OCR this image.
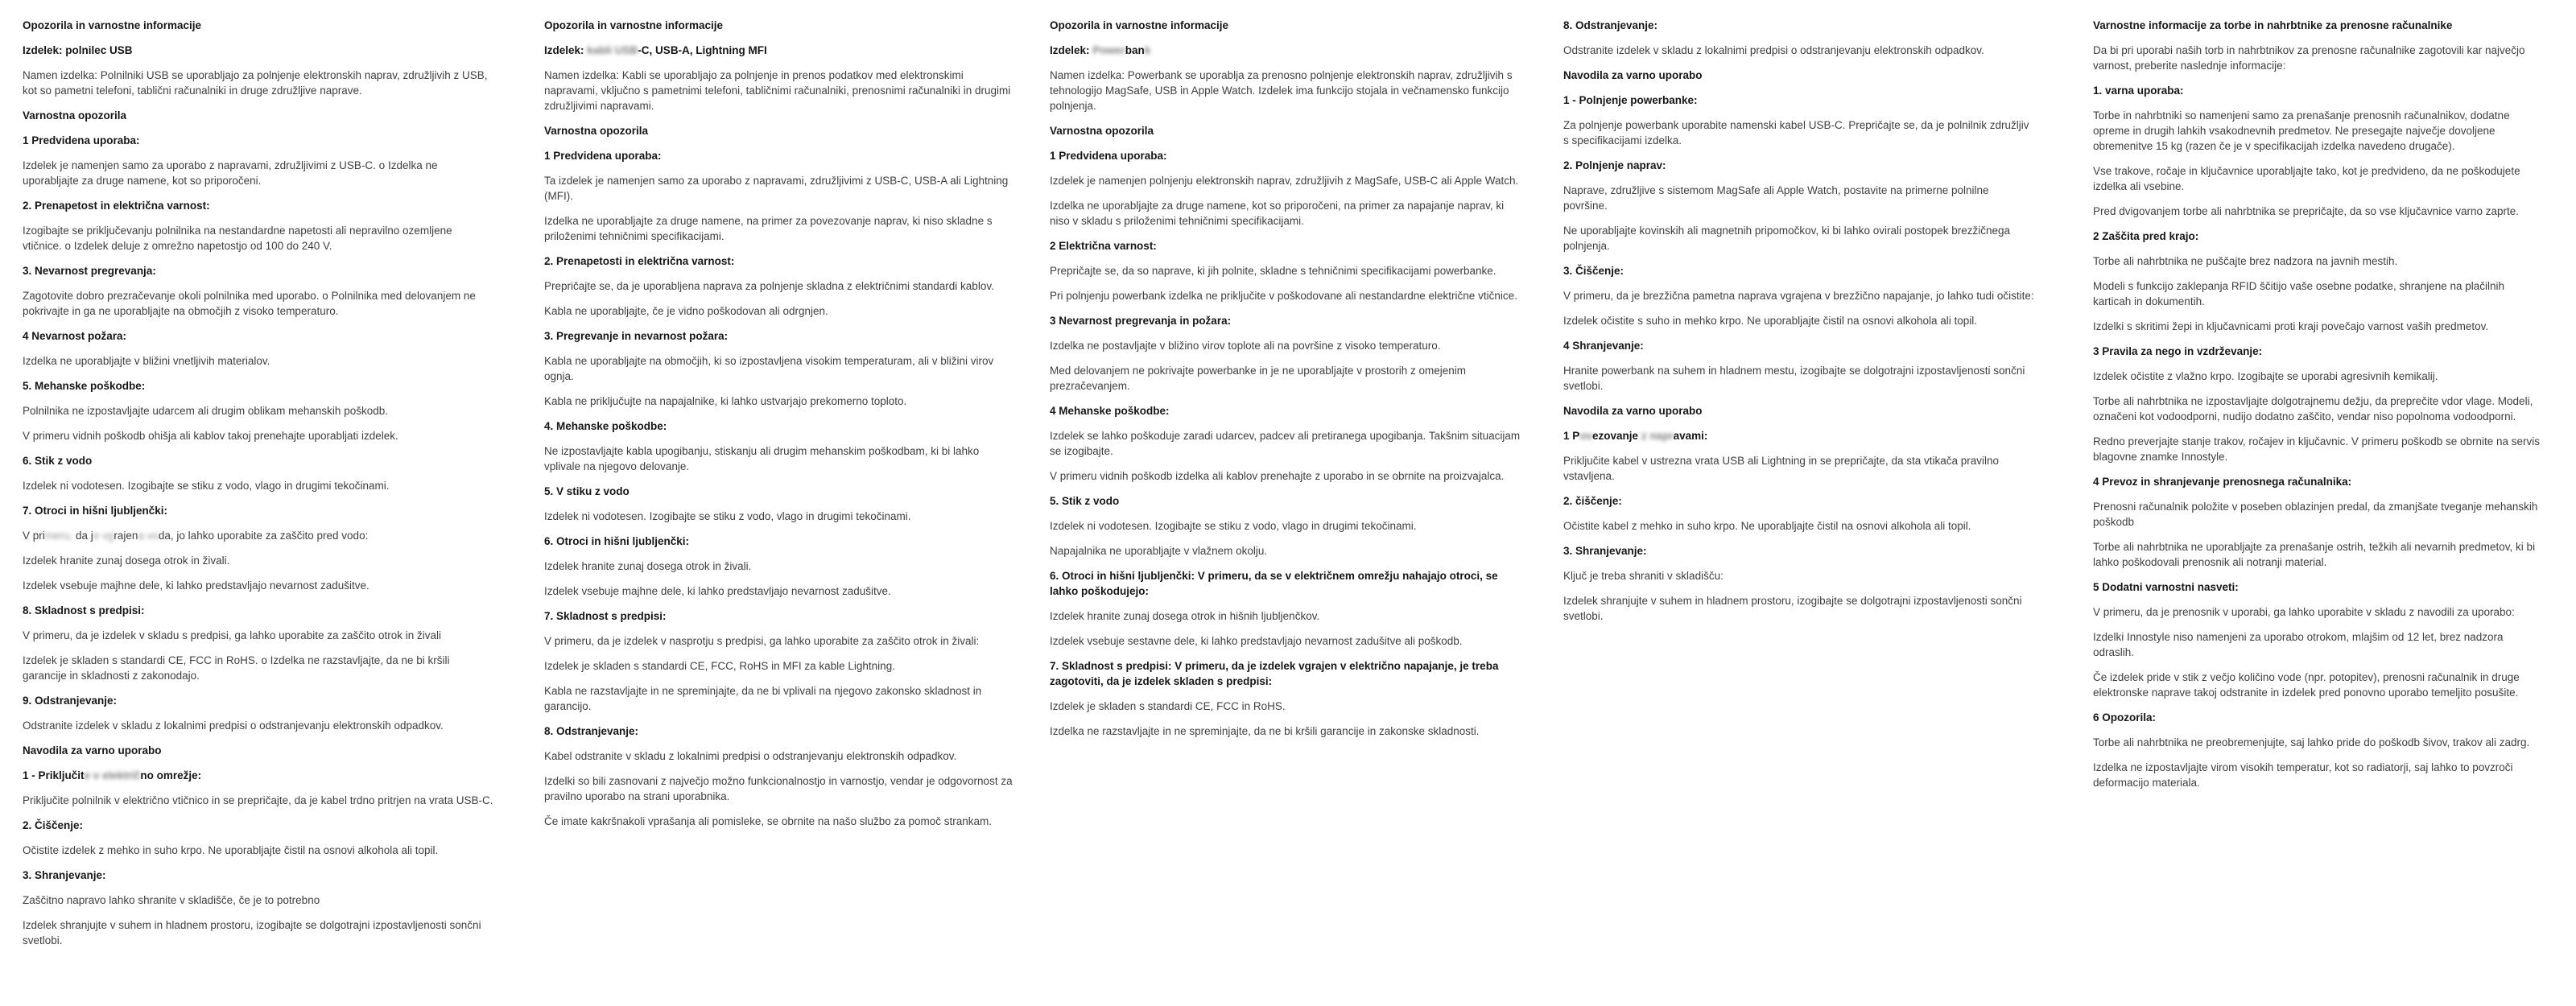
Opozorila in varnostne informacije
Izdelek: polnilec USB
Namen izdelka: Polnilniki USB se uporabljajo za polnjenje elektronskih naprav, združljivih z USB, kot so pametni telefoni, tablični računalniki in druge združljive naprave.
Varnostna opozorila
1 Predvidena uporaba:
Izdelek je namenjen samo za uporabo z napravami, združljivimi z USB-C. o Izdelka ne uporabljajte za druge namene, kot so priporočeni.
2. Prenapetost in električna varnost:
Izogibajte se priključevanju polnilnika na nestandardne napetosti ali nepravilno ozemljene vtičnice. o Izdelek deluje z omrežno napetostjo od 100 do 240 V.
3. Nevarnost pregrevanja:
Zagotovite dobro prezračevanje okoli polnilnika med uporabo. o Polnilnika med delovanjem ne pokrivajte in ga ne uporabljajte na območjih z visoko temperaturo.
4 Nevarnost požara:
Izdelka ne uporabljajte v bližini vnetljivih materialov.
5. Mehanske poškodbe:
Polnilnika ne izpostavljajte udarcem ali drugim oblikam mehanskih poškodb.
V primeru vidnih poškodb ohišja ali kablov takoj prenehajte uporabljati izdelek.
6. Stik z vodo
Izdelek ni vodotesen. Izogibajte se stiku z vodo, vlago in drugimi tekočinami.
7. Otroci in hišni ljubljenčki:
V primeru, da je vgrajena voda, jo lahko uporabite za zaščito pred vodo:
Izdelek hranite zunaj dosega otrok in živali.
Izdelek vsebuje majhne dele, ki lahko predstavljajo nevarnost zadušitve.
8. Skladnost s predpisi:
V primeru, da je izdelek v skladu s predpisi, ga lahko uporabite za zaščito otrok in živali
Izdelek je skladen s standardi CE, FCC in RoHS. o Izdelka ne razstavljajte, da ne bi kršili garancije in skladnosti z zakonodajo.
9. Odstranjevanje:
Odstranite izdelek v skladu z lokalnimi predpisi o odstranjevanju elektronskih odpadkov.
Navodila za varno uporabo
1 - Priključite v električno omrežje:
Priključite polnilnik v električno vtičnico in se prepričajte, da je kabel trdno pritrjen na vrata USB-C.
2. Čiščenje:
Očistite izdelek z mehko in suho krpo. Ne uporabljajte čistil na osnovi alkohola ali topil.
3. Shranjevanje:
Zaščitno napravo lahko shranite v skladišče, če je to potrebno
Izdelek shranjujte v suhem in hladnem prostoru, izogibajte se dolgotrajni izpostavljenosti sončni svetlobi.
Opozorila in varnostne informacije
Izdelek: kabli USB-C, USB-A, Lightning MFI
Namen izdelka: Kabli se uporabljajo za polnjenje in prenos podatkov med elektronskimi napravami, vključno s pametnimi telefoni, tabličnimi računalniki, prenosnimi računalniki in drugimi združljivimi napravami.
Varnostna opozorila
1 Predvidena uporaba:
Ta izdelek je namenjen samo za uporabo z napravami, združljivimi z USB-C, USB-A ali Lightning (MFI).
Izdelka ne uporabljajte za druge namene, na primer za povezovanje naprav, ki niso skladne s priloženimi tehničnimi specifikacijami.
2. Prenapetosti in električna varnost:
Prepričajte se, da je uporabljena naprava za polnjenje skladna z električnimi standardi kablov.
Kabla ne uporabljajte, če je vidno poškodovan ali odrgnjen.
3. Pregrevanje in nevarnost požara:
Kabla ne uporabljajte na območjih, ki so izpostavljena visokim temperaturam, ali v bližini virov ognja.
Kabla ne priključujte na napajalnike, ki lahko ustvarjajo prekomerno toploto.
4. Mehanske poškodbe:
Ne izpostavljajte kabla upogibanju, stiskanju ali drugim mehanskim poškodbam, ki bi lahko vplivale na njegovo delovanje.
5. V stiku z vodo
Izdelek ni vodotesen. Izogibajte se stiku z vodo, vlago in drugimi tekočinami.
6. Otroci in hišni ljubljenčki:
Izdelek hranite zunaj dosega otrok in živali.
Izdelek vsebuje majhne dele, ki lahko predstavljajo nevarnost zadušitve.
7. Skladnost s predpisi:
V primeru, da je izdelek v nasprotju s predpisi, ga lahko uporabite za zaščito otrok in živali:
Izdelek je skladen s standardi CE, FCC, RoHS in MFI za kable Lightning.
Kabla ne razstavljajte in ne spreminjajte, da ne bi vplivali na njegovo zakonsko skladnost in garancijo.
8. Odstranjevanje:
Kabel odstranite v skladu z lokalnimi predpisi o odstranjevanju elektronskih odpadkov.
Izdelki so bili zasnovani z največjo možno funkcionalnostjo in varnostjo, vendar je odgovornost za pravilno uporabo na strani uporabnika.
Če imate kakršnakoli vprašanja ali pomisleke, se obrnite na našo službo za pomoč strankam.
Opozorila in varnostne informacije
Izdelek: Powerbank
Namen izdelka: Powerbank se uporablja za prenosno polnjenje elektronskih naprav, združljivih s tehnologijo MagSafe, USB in Apple Watch. Izdelek ima funkcijo stojala in večnamensko funkcijo polnjenja.
Varnostna opozorila
1 Predvidena uporaba:
Izdelek je namenjen polnjenju elektronskih naprav, združljivih z MagSafe, USB-C ali Apple Watch.
Izdelka ne uporabljajte za druge namene, kot so priporočeni, na primer za napajanje naprav, ki niso v skladu s priloženimi tehničnimi specifikacijami.
2 Električna varnost:
Prepričajte se, da so naprave, ki jih polnite, skladne s tehničnimi specifikacijami powerbanke.
Pri polnjenju powerbank izdelka ne priključite v poškodovane ali nestandardne električne vtičnice.
3 Nevarnost pregrevanja in požara:
Izdelka ne postavljajte v bližino virov toplote ali na površine z visoko temperaturo.
Med delovanjem ne pokrivajte powerbanke in je ne uporabljajte v prostorih z omejenim prezračevanjem.
4 Mehanske poškodbe:
Izdelek se lahko poškoduje zaradi udarcev, padcev ali pretiranega upogibanja. Takšnim situacijam se izogibajte.
V primeru vidnih poškodb izdelka ali kablov prenehajte z uporabo in se obrnite na proizvajalca.
5. Stik z vodo
Izdelek ni vodotesen. Izogibajte se stiku z vodo, vlago in drugimi tekočinami.
Napajalnika ne uporabljajte v vlažnem okolju.
6. Otroci in hišni ljubljenčki: V primeru, da se v električnem omrežju nahajajo otroci, se lahko poškodujejo:
Izdelek hranite zunaj dosega otrok in hišnih ljubljenčkov.
Izdelek vsebuje sestavne dele, ki lahko predstavljajo nevarnost zadušitve ali poškodb.
7. Skladnost s predpisi: V primeru, da je izdelek vgrajen v električno napajanje, je treba zagotoviti, da je izdelek skladen s predpisi:
Izdelek je skladen s standardi CE, FCC in RoHS.
Izdelka ne razstavljajte in ne spreminjajte, da ne bi kršili garancije in zakonske skladnosti.
8. Odstranjevanje:
Odstranite izdelek v skladu z lokalnimi predpisi o odstranjevanju elektronskih odpadkov.
Navodila za varno uporabo
1 - Polnjenje powerbanke:
Za polnjenje powerbank uporabite namenski kabel USB-C. Prepričajte se, da je polnilnik združljiv s specifikacijami izdelka.
2. Polnjenje naprav:
Naprave, združljive s sistemom MagSafe ali Apple Watch, postavite na primerne polnilne površine.
Ne uporabljajte kovinskih ali magnetnih pripomočkov, ki bi lahko ovirali postopek brezžičnega polnjenja.
3. Čiščenje:
V primeru, da je brezžična pametna naprava vgrajena v brezžično napajanje, jo lahko tudi očistite:
Izdelek očistite s suho in mehko krpo. Ne uporabljajte čistil na osnovi alkohola ali topil.
4 Shranjevanje:
Hranite powerbank na suhem in hladnem mestu, izogibajte se dolgotrajni izpostavljenosti sončni svetlobi.
Navodila za varno uporabo
1 Povezovanje z napravami:
Priključite kabel v ustrezna vrata USB ali Lightning in se prepričajte, da sta vtikača pravilno vstavljena.
2. čiščenje:
Očistite kabel z mehko in suho krpo. Ne uporabljajte čistil na osnovi alkohola ali topil.
3. Shranjevanje:
Ključ je treba shraniti v skladišču:
Izdelek shranjujte v suhem in hladnem prostoru, izogibajte se dolgotrajni izpostavljenosti sončni svetlobi.
Varnostne informacije za torbe in nahrbtnike za prenosne računalnike
Da bi pri uporabi naših torb in nahrbtnikov za prenosne računalnike zagotovili kar največjo varnost, preberite naslednje informacije:
1. varna uporaba:
Torbe in nahrbtniki so namenjeni samo za prenašanje prenosnih računalnikov, dodatne opreme in drugih lahkih vsakodnevnih predmetov. Ne presegajte največje dovoljene obremenitve 15 kg (razen če je v specifikacijah izdelka navedeno drugače).
Vse trakove, ročaje in ključavnice uporabljajte tako, kot je predvideno, da ne poškodujete izdelka ali vsebine.
Pred dvigovanjem torbe ali nahrbtnika se prepričajte, da so vse ključavnice varno zaprte.
2 Zaščita pred krajo:
Torbe ali nahrbtnika ne puščajte brez nadzora na javnih mestih.
Modeli s funkcijo zaklepanja RFID ščitijo vaše osebne podatke, shranjene na plačilnih karticah in dokumentih.
Izdelki s skritimi žepi in ključavnicami proti kraji povečajo varnost vaših predmetov.
3 Pravila za nego in vzdrževanje:
Izdelek očistite z vlažno krpo. Izogibajte se uporabi agresivnih kemikalij.
Torbe ali nahrbtnika ne izpostavljajte dolgotrajnemu dežju, da preprečite vdor vlage. Modeli, označeni kot vodoodporni, nudijo dodatno zaščito, vendar niso popolnoma vodoodporni.
Redno preverjajte stanje trakov, ročajev in ključavnic. V primeru poškodb se obrnite na servis blagovne znamke Innostyle.
4 Prevoz in shranjevanje prenosnega računalnika:
Prenosni računalnik položite v poseben oblazinjen predal, da zmanjšate tveganje mehanskih poškodb
Torbe ali nahrbtnika ne uporabljajte za prenašanje ostrih, težkih ali nevarnih predmetov, ki bi lahko poškodovali prenosnik ali notranji material.
5 Dodatni varnostni nasveti:
V primeru, da je prenosnik v uporabi, ga lahko uporabite v skladu z navodili za uporabo:
Izdelki Innostyle niso namenjeni za uporabo otrokom, mlajšim od 12 let, brez nadzora odraslih.
Če izdelek pride v stik z večjo količino vode (npr. potopitev), prenosni računalnik in druge elektronske naprave takoj odstranite in izdelek pred ponovno uporabo temeljito posušite.
6 Opozorila:
Torbe ali nahrbtnika ne preobremenjujte, saj lahko pride do poškodb šivov, trakov ali zadrg.
Izdelka ne izpostavljajte virom visokih temperatur, kot so radiatorji, saj lahko to povzroči deformacijo materiala.
